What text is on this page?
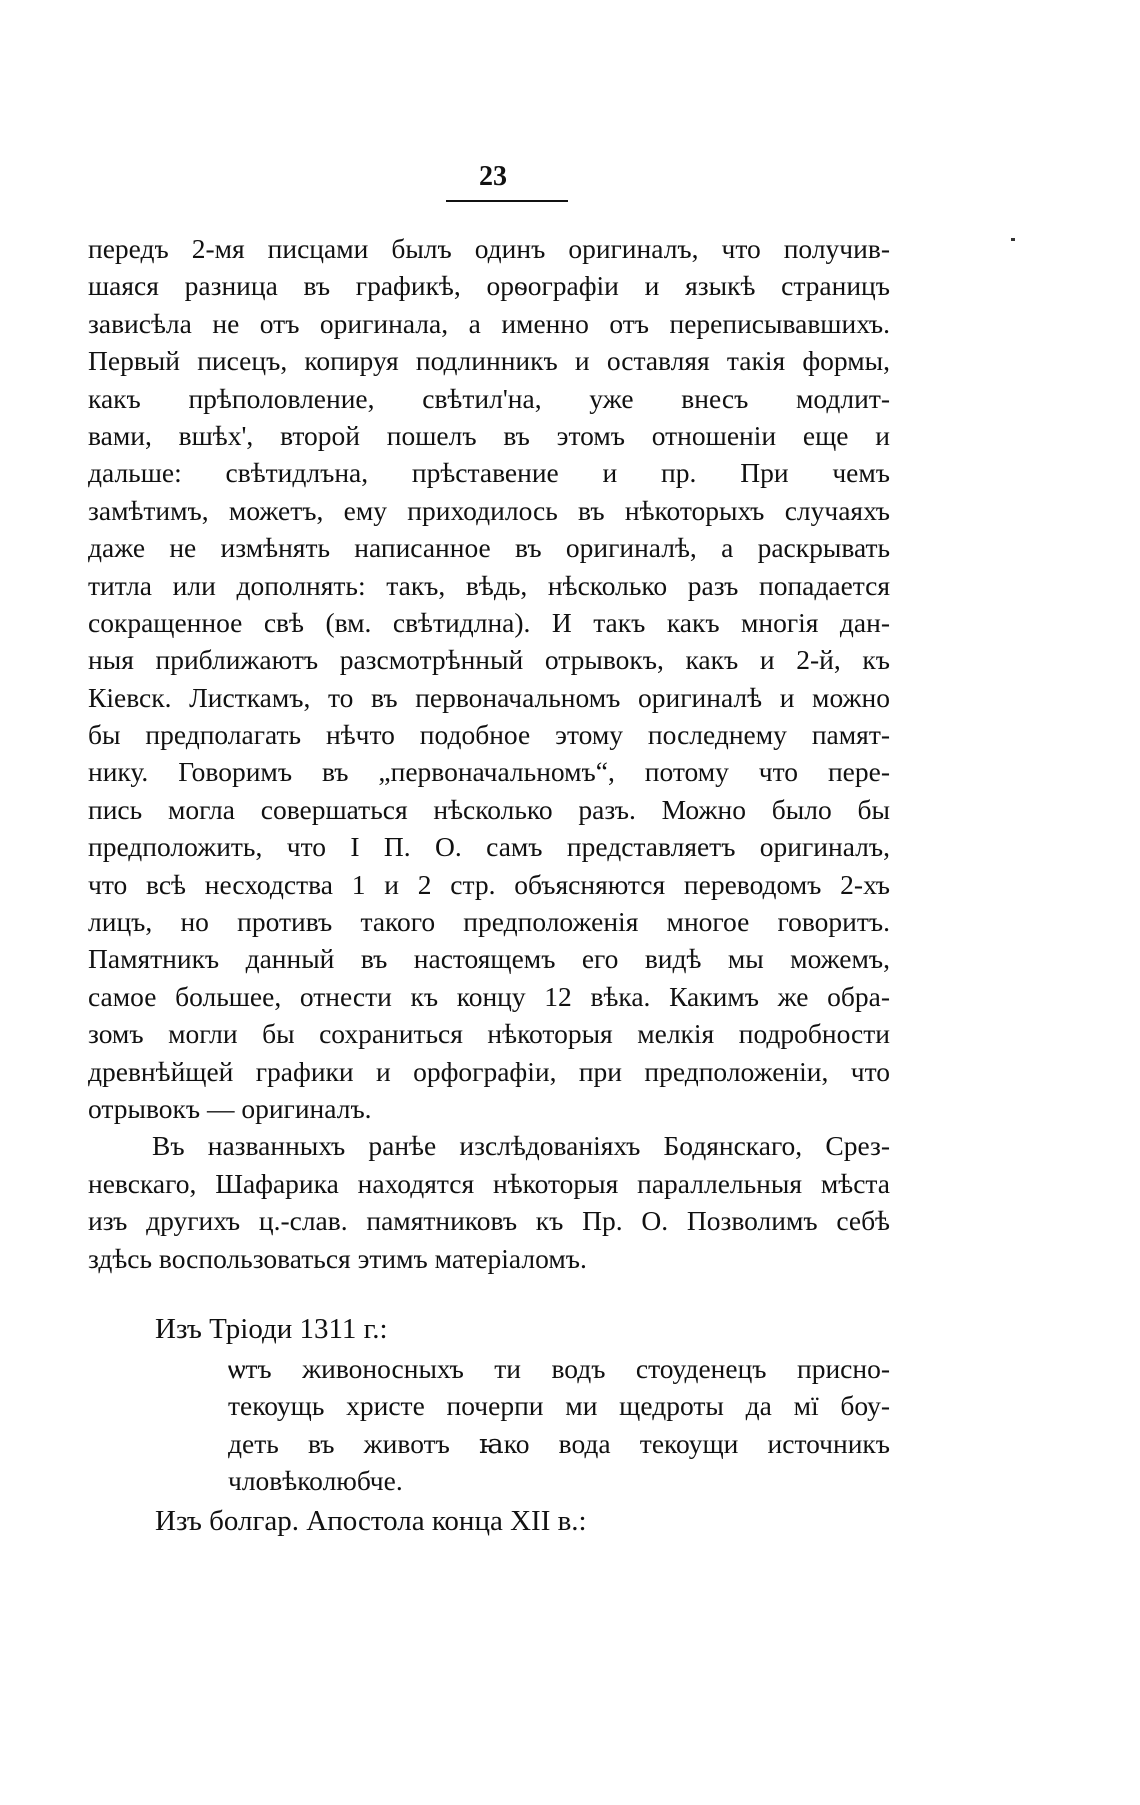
23
передъ 2-мя писцами былъ одинъ оригиналъ, что получив-
шаяся разница въ графикѣ, орѳографіи и языкѣ страницъ
зависѣла не отъ оригинала, а именно отъ переписывавшихъ.
Первый писецъ, копируя подлинникъ и оставляя такія формы,
какъ прѣполовление, свѣтил'на, уже внесъ модлит-
вами, вшѣх', второй пошелъ въ этомъ отношеніи еще и
дальше: свѣтидлъна, прѣставение и пр. При чемъ
замѣтимъ, можетъ, ему приходилось въ нѣкоторыхъ случаяхъ
даже не измѣнять написанное въ оригиналѣ, а раскрывать
титла или дополнять: такъ, вѣдь, нѣсколько разъ попадается
сокращенное свѣ (вм. свѣтидлна). И такъ какъ многія дан-
ныя приближаютъ разсмотрѣнный отрывокъ, какъ и 2-й, къ
Кіевск. Листкамъ, то въ первоначальномъ оригиналѣ и можно
бы предполагать нѣчто подобное этому последнему памят-
нику. Говоримъ въ „первоначальномъ“, потому что пере-
пись могла совершаться нѣсколько разъ. Можно было бы
предположить, что I П. О. самъ представляетъ оригиналъ,
что всѣ несходства 1 и 2 стр. объясняются переводомъ 2-хъ
лицъ, но противъ такого предположенія многое говоритъ.
Памятникъ данный въ настоящемъ его видѣ мы можемъ,
самое большее, отнести къ концу 12 вѣка. Какимъ же обра-
зомъ могли бы сохраниться нѣкоторыя мелкія подробности
древнѣйщей графики и орфографіи, при предположеніи, что
отрывокъ — оригиналъ.
Въ названныхъ ранѣе изслѣдованіяхъ Бодянскаго, Срез-
невскаго, Шафарика находятся нѣкоторыя параллельныя мѣста
изъ другихъ ц.-слав. памятниковъ къ Пр. О. Позволимъ себѣ
здѣсь воспользоваться этимъ матеріаломъ.
Изъ Тріоди 1311 г.:
ѡтъ живоносныхъ ти водъ стоуденецъ присно-
текоущь христе почерпи ми щедроты да мї боу-
деть въ животъ ꙗко вода текоущи источникъ
чловѣколюбче.
Изъ болгар. Апостола конца XII в.:
